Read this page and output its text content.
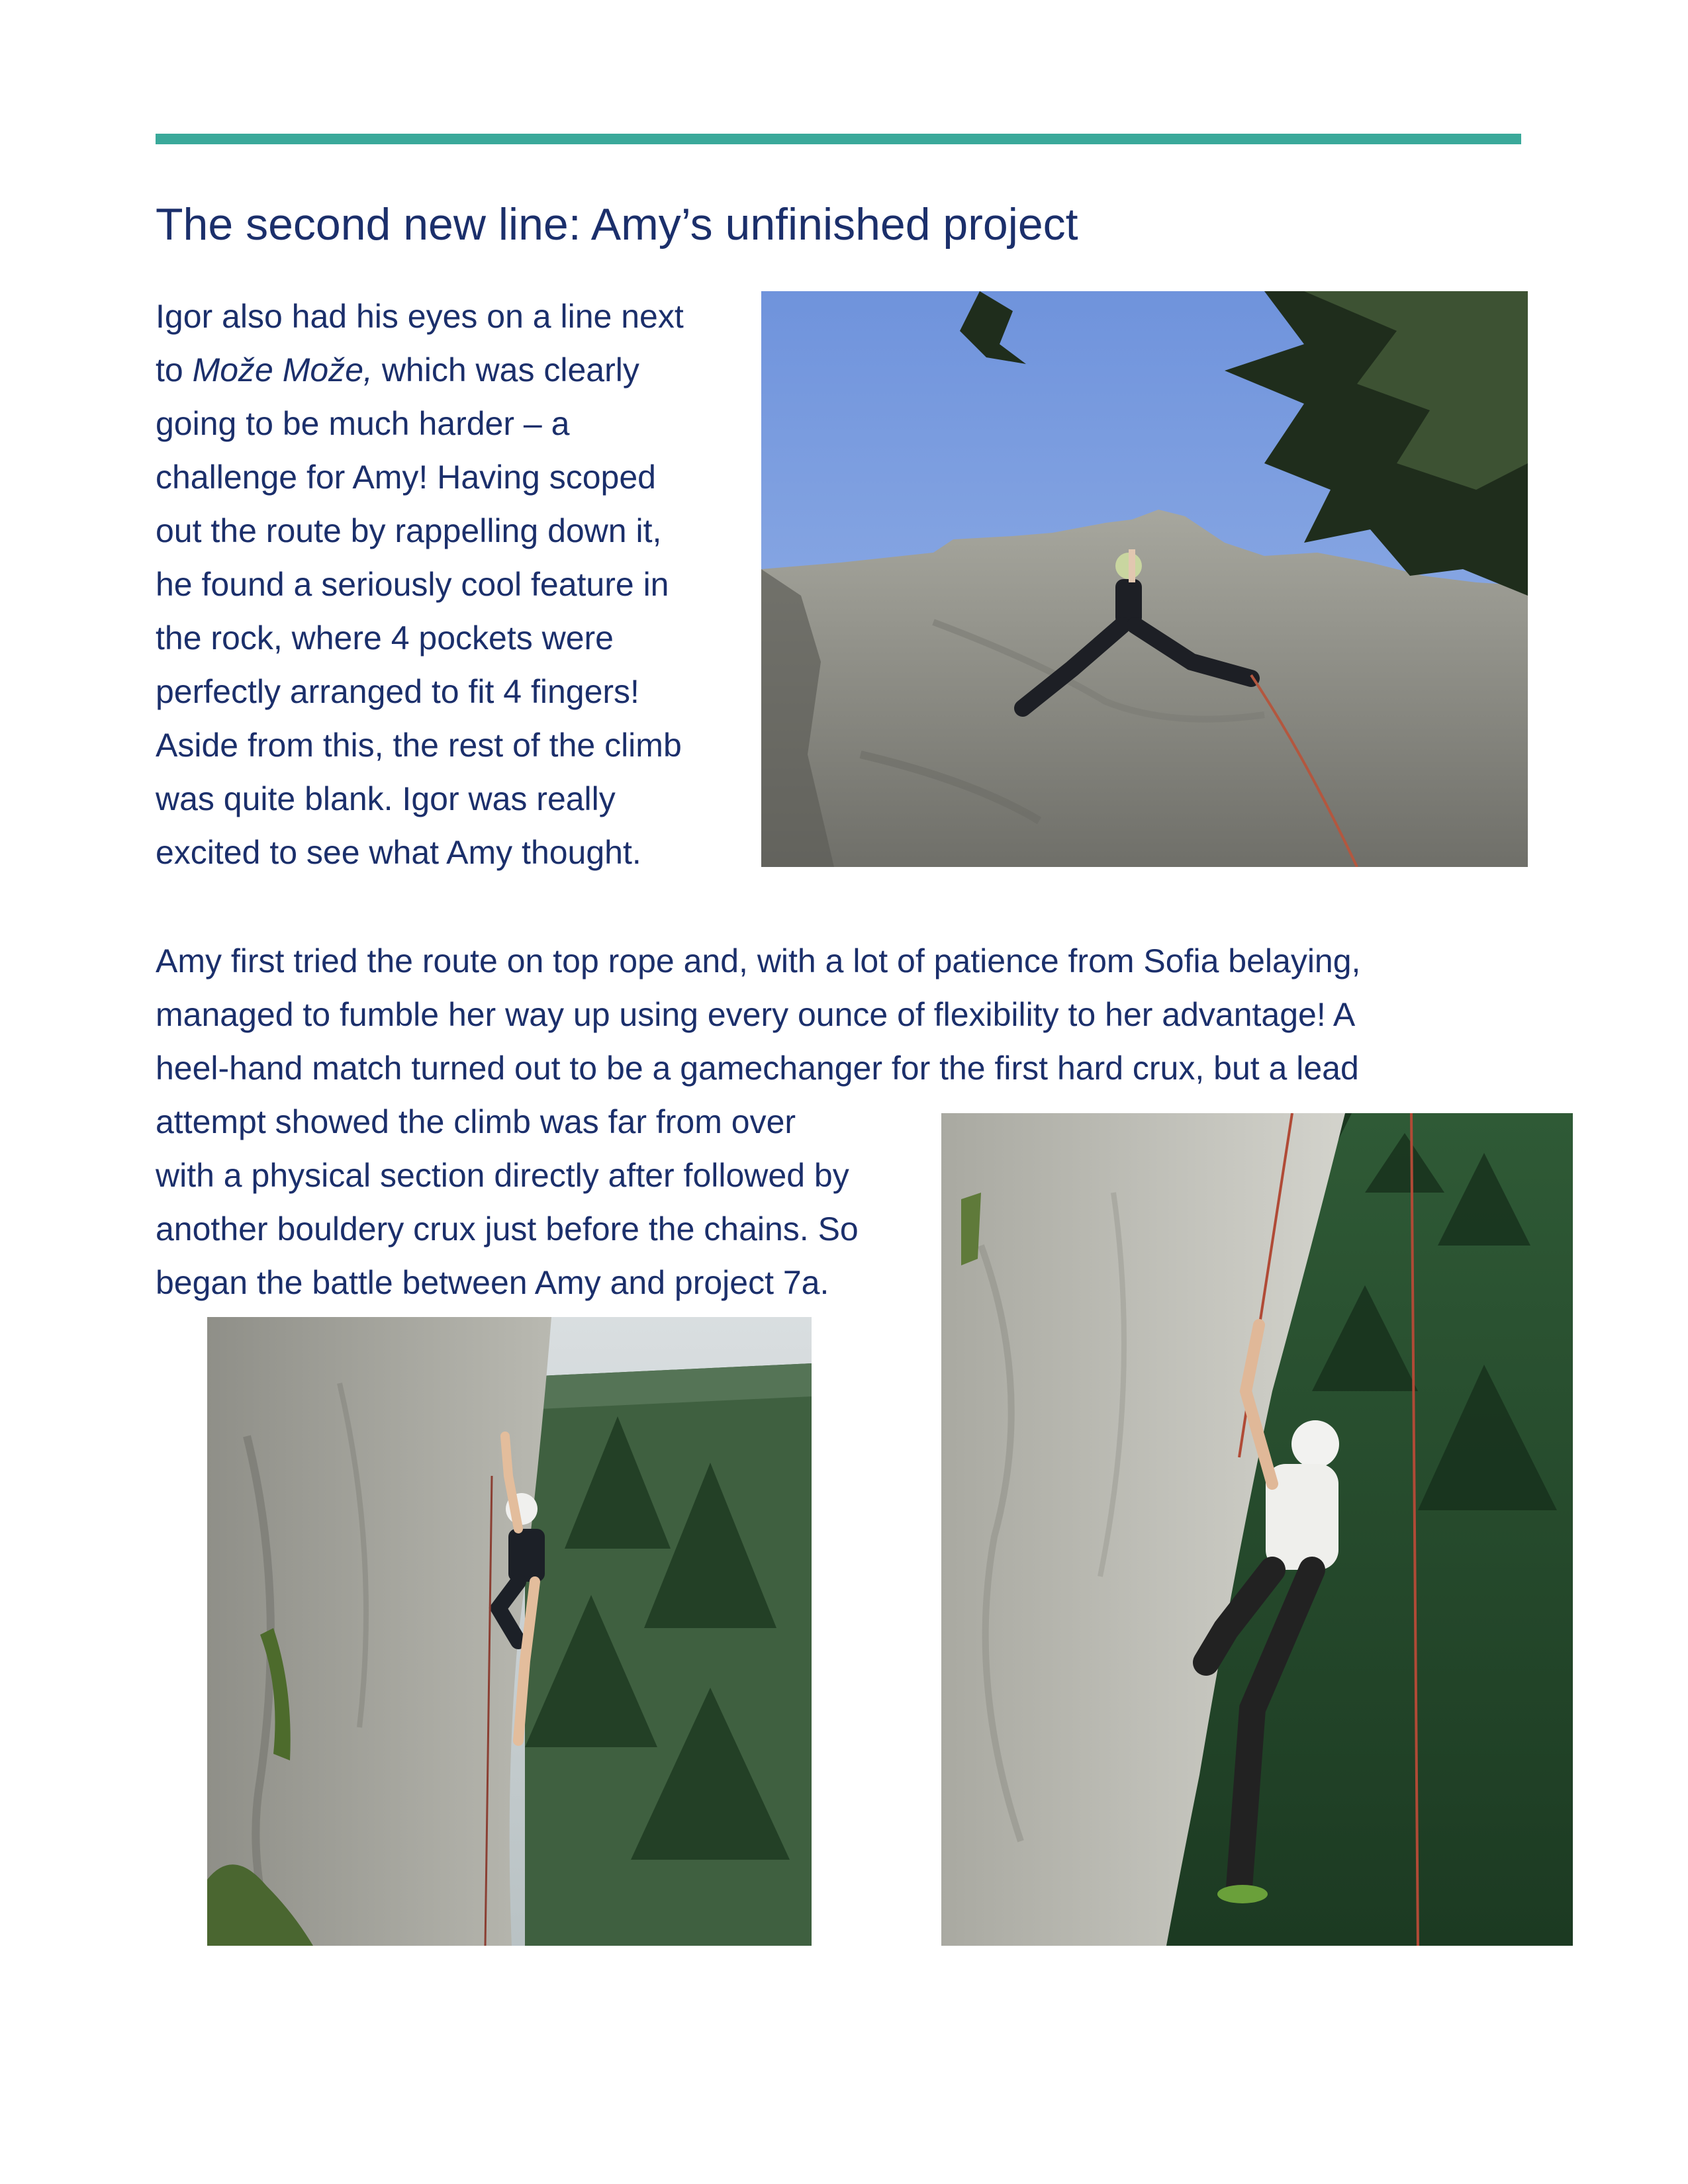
The second new line: Amy’s unfinished project

Igor also had his eyes on a line next
to Može Može, which was clearly
going to be much harder – a
challenge for Amy! Having scoped
out the route by rappelling down it,
he found a seriously cool feature in
the rock, where 4 pockets were
perfectly arranged to fit 4 fingers!
Aside from this, the rest of the climb
was quite blank. Igor was really
excited to see what Amy thought.

Amy first tried the route on top rope and, with a lot of patience from Sofia belaying,
managed to fumble her way up using every ounce of flexibility to her advantage! A
heel-hand match turned out to be a gamechanger for the first hard crux, but a lead
attempt showed the climb was far from over
with a physical section directly after followed by
another bouldery crux just before the chains. So
began the battle between Amy and project 7a.
